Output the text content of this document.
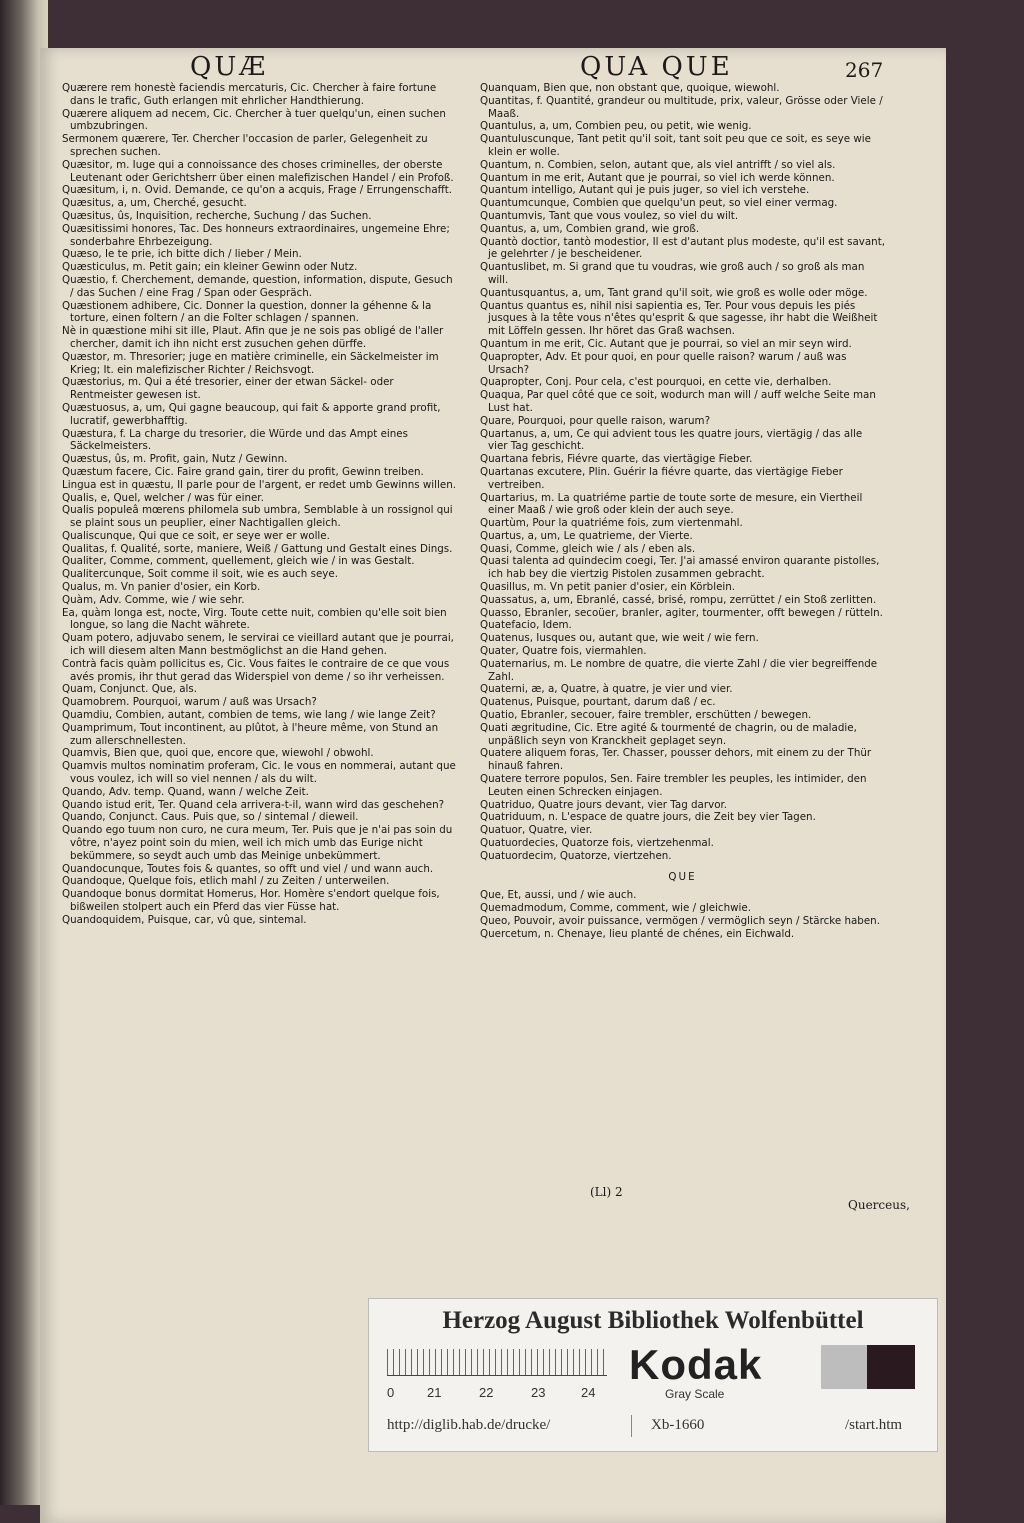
QUÆ	QUA QUE	267

Quærere rem honestè faciendis mercaturis, Cic. Chercher à faire fortune dans le trafic, Guth erlangen mit ehrlicher Handthierung.

Quærere aliquem ad necem, Cic. Chercher à tuer quelqu'un, einen suchen umbzubringen.

Sermonem quærere, Ter. Chercher l'occasion de parler, Gelegenheit zu sprechen suchen.

Quæsitor, m. Iuge qui a connoissance des choses criminelles, der oberste Leutenant oder Gerichtsherr über einen malefizischen Handel / ein Profoß.

Quæsitum, i, n. Ovid. Demande, ce qu'on a acquis, Frage / Errungenschafft.

Quæsitus, a, um, Cherché, gesucht.

Quæsitus, ûs, Inquisition, recherche, Suchung / das Suchen.

Quæsitissimi honores, Tac. Des honneurs extraordinaires, ungemeine Ehre; sonderbahre Ehrbezeigung.

Quæso, Ie te prie, ich bitte dich / lieber / Mein.

Quæsticulus, m. Petit gain; ein kleiner Gewinn oder Nutz.

Quæstio, f. Cherchement, demande, question, information, dispute, Gesuch / das Suchen / eine Frag / Span oder Gespräch.

Quæstionem adhibere, Cic. Donner la question, donner la géhenne & la torture, einen foltern / an die Folter schlagen / spannen.

Nè in quæstione mihi sit ille, Plaut. Afin que je ne sois pas obligé de l'aller chercher, damit ich ihn nicht erst zusuchen gehen dürffe.

Quæstor, m. Thresorier; juge en matière criminelle, ein Säckelmeister im Krieg; It. ein malefizischer Richter / Reichsvogt.

Quæstorius, m. Qui a été tresorier, einer der etwan Säckel- oder Rentmeister gewesen ist.

Quæstuosus, a, um, Qui gagne beaucoup, qui fait & apporte grand profit, lucratif, gewerbhafftig.

Quæstura, f. La charge du tresorier, die Würde und das Ampt eines Säckelmeisters.

Quæstus, ûs, m. Profit, gain, Nutz / Gewinn.

Quæstum facere, Cic. Faire grand gain, tirer du profit, Gewinn treiben.

Lingua est in quæstu, Il parle pour de l'argent, er redet umb Gewinns willen.

Qualis, e, Quel, welcher / was für einer.

Qualis populeâ mœrens philomela sub umbra, Semblable à un rossignol qui se plaint sous un peuplier, einer Nachtigallen gleich.

Qualiscunque, Qui que ce soit, er seye wer er wolle.

Qualitas, f. Qualité, sorte, maniere, Weiß / Gattung und Gestalt eines Dings.

Qualiter, Comme, comment, quellement, gleich wie / in was Gestalt.

Qualitercunque, Soit comme il soit, wie es auch seye.

Qualus, m. Vn panier d'osier, ein Korb.

Quàm, Adv. Comme, wie / wie sehr.

Ea, quàm longa est, nocte, Virg. Toute cette nuit, combien qu'elle soit bien longue, so lang die Nacht währete.

Quam potero, adjuvabo senem, Ie servirai ce vieillard autant que je pourrai, ich will diesem alten Mann bestmöglichst an die Hand gehen.

Contrà facis quàm pollicitus es, Cic. Vous faites le contraire de ce que vous avés promis, ihr thut gerad das Widerspiel von deme / so ihr verheissen.

Quam, Conjunct. Que, als.

Quamobrem. Pourquoi, warum / auß was Ursach?

Quamdiu, Combien, autant, combien de tems, wie lang / wie lange Zeit?

Quamprimum, Tout incontinent, au plûtot, à l'heure même, von Stund an zum allerschnellesten.

Quamvis, Bien que, quoi que, encore que, wiewohl / obwohl.

Quamvis multos nominatim proferam, Cic. Ie vous en nommerai, autant que vous voulez, ich will so viel nennen / als du wilt.

Quando, Adv. temp. Quand, wann / welche Zeit.

Quando istud erit, Ter. Quand cela arrivera-t-il, wann wird das geschehen?

Quando, Conjunct. Caus. Puis que, so / sintemal / dieweil.

Quando ego tuum non curo, ne cura meum, Ter. Puis que je n'ai pas soin du vôtre, n'ayez point soin du mien, weil ich mich umb das Eurige nicht bekümmere, so seydt auch umb das Meinige unbekümmert.

Quandocunque, Toutes fois & quantes, so offt und viel / und wann auch.

Quandoque, Quelque fois, etlich mahl / zu Zeiten / unterweilen.

Quandoque bonus dormitat Homerus, Hor. Homère s'endort quelque fois, bißweilen stolpert auch ein Pferd das vier Füsse hat.

Quandoquidem, Puisque, car, vû que, sintemal.

Quanquam, Bien que, non obstant que, quoique, wiewohl.

Quantitas, f. Quantité, grandeur ou multitude, prix, valeur, Grösse oder Viele / Maaß.

Quantulus, a, um, Combien peu, ou petit, wie wenig.

Quantuluscunque, Tant petit qu'il soit, tant soit peu que ce soit, es seye wie klein er wolle.

Quantum, n. Combien, selon, autant que, als viel antrifft / so viel als.

Quantum in me erit, Autant que je pourrai, so viel ich werde können.

Quantum intelligo, Autant qui je puis juger, so viel ich verstehe.

Quantumcunque, Combien que quelqu'un peut, so viel einer vermag.

Quantumvis, Tant que vous voulez, so viel du wilt.

Quantus, a, um, Combien grand, wie groß.

Quantò doctior, tantò modestior, Il est d'autant plus modeste, qu'il est savant, je gelehrter / je bescheidener.

Quantuslibet, m. Si grand que tu voudras, wie groß auch / so groß als man will.

Quantusquantus, a, um, Tant grand qu'il soit, wie groß es wolle oder möge.

Quantus quantus es, nihil nisi sapientia es, Ter. Pour vous depuis les piés jusques à la tête vous n'êtes qu'esprit & que sagesse, ihr habt die Weißheit mit Löffeln gessen. Ihr höret das Graß wachsen.

Quantum in me erit, Cic. Autant que je pourrai, so viel an mir seyn wird.

Quapropter, Adv. Et pour quoi, en pour quelle raison? warum / auß was Ursach?

Quapropter, Conj. Pour cela, c'est pourquoi, en cette vie, derhalben.

Quaqua, Par quel côté que ce soit, wodurch man will / auff welche Seite man Lust hat.

Quare, Pourquoi, pour quelle raison, warum?

Quartanus, a, um, Ce qui advient tous les quatre jours, viertägig / das alle vier Tag geschicht.

Quartana febris, Fiévre quarte, das viertägige Fieber.

Quartanas excutere, Plin. Guérir la fiévre quarte, das viertägige Fieber vertreiben.

Quartarius, m. La quatriéme partie de toute sorte de mesure, ein Viertheil einer Maaß / wie groß oder klein der auch seye.

Quartùm, Pour la quatriéme fois, zum viertenmahl.

Quartus, a, um, Le quatrieme, der Vierte.

Quasi, Comme, gleich wie / als / eben als.

Quasi talenta ad quindecim coegi, Ter. J'ai amassé environ quarante pistolles, ich hab bey die viertzig Pistolen zusammen gebracht.

Quasillus, m. Vn petit panier d'osier, ein Körblein.

Quassatus, a, um, Ebranlé, cassé, brisé, rompu, zerrüttet / ein Stoß zerlitten.

Quasso, Ebranler, secoüer, branler, agiter, tourmenter, offt bewegen / rütteln.

Quatefacio, Idem.

Quatenus, Iusques ou, autant que, wie weit / wie fern.

Quater, Quatre fois, viermahlen.

Quaternarius, m. Le nombre de quatre, die vierte Zahl / die vier begreiffende Zahl.

Quaterni, æ, a, Quatre, à quatre, je vier und vier.

Quatenus, Puisque, pourtant, darum daß / ec.

Quatio, Ebranler, secouer, faire trembler, erschütten / bewegen.

Quati ægritudine, Cic. Etre agité & tourmenté de chagrin, ou de maladie, unpäßlich seyn von Kranckheit geplaget seyn.

Quatere aliquem foras, Ter. Chasser, pousser dehors, mit einem zu der Thür hinauß fahren.

Quatere terrore populos, Sen. Faire trembler les peuples, les intimider, den Leuten einen Schrecken einjagen.

Quatriduo, Quatre jours devant, vier Tag darvor.

Quatriduum, n. L'espace de quatre jours, die Zeit bey vier Tagen.

Quatuor, Quatre, vier.

Quatuordecies, Quatorze fois, viertzehenmal.

Quatuordecim, Quatorze, viertzehen.

QUE

Que, Et, aussi, und / wie auch.

Quemadmodum, Comme, comment, wie / gleichwie.

Queo, Pouvoir, avoir puissance, vermögen / vermöglich seyn / Stärcke haben.

Quercetum, n. Chenaye, lieu planté de chénes, ein Eichwald.

(Ll) 2
Querceus,
Herzog August Bibliothek Wolfenbüttel
0	21	22	23	24
Kodak
Gray Scale
http://diglib.hab.de/drucke/	Xb-1660	/start.htm
